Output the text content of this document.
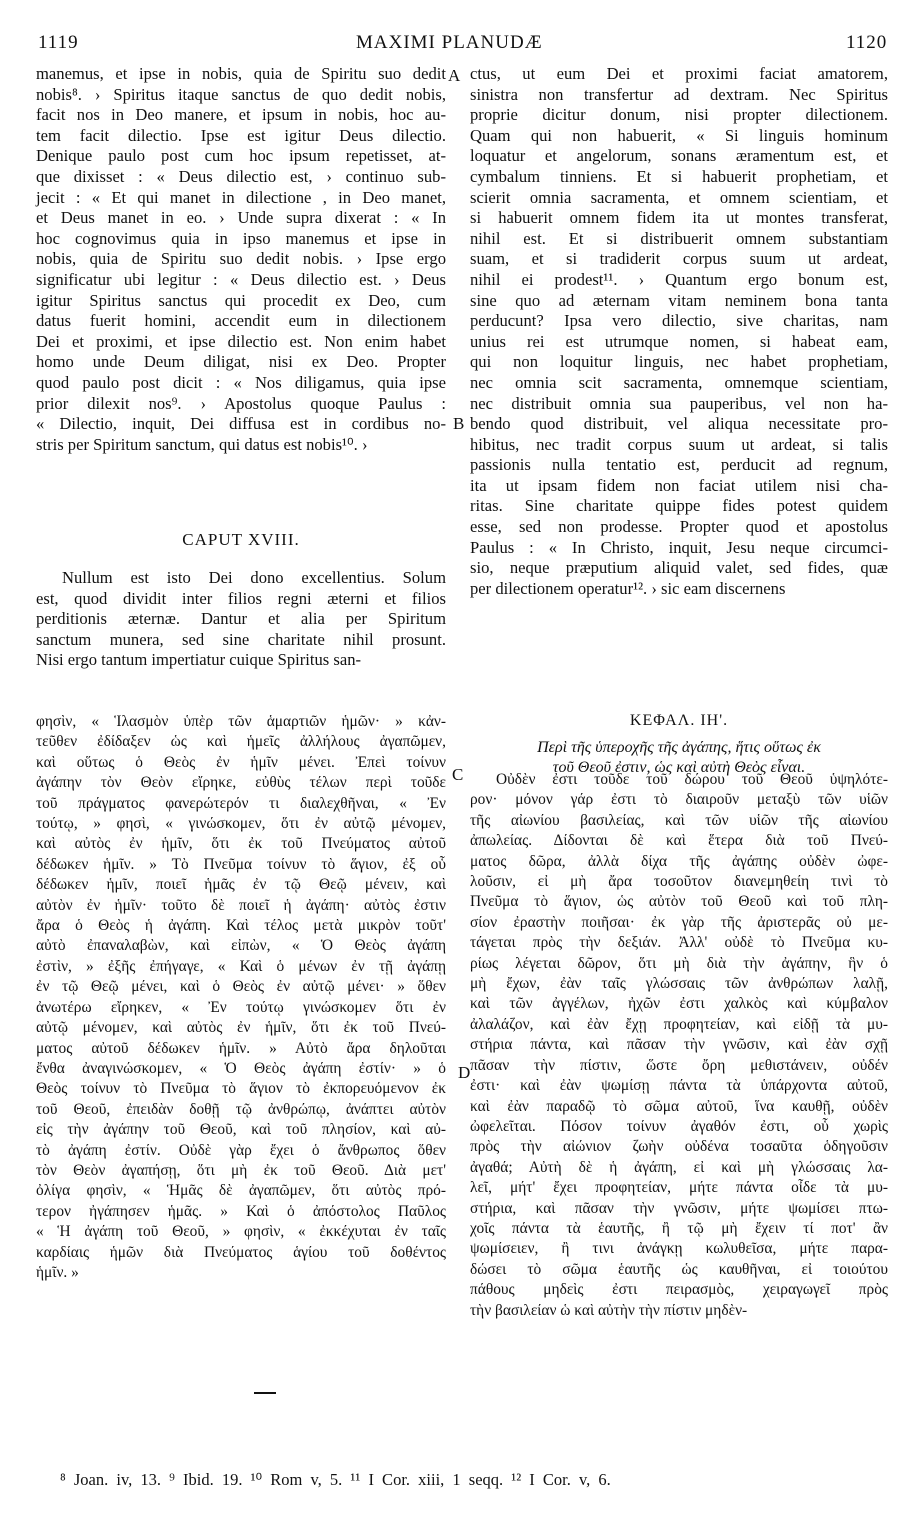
1119	MAXIMI PLANUDÆ	1120
A
B
C
D
manemus, et ipse in nobis, quia de Spiritu suo dedit
nobis⁸. › Spiritus itaque sanctus de quo dedit nobis,
facit nos in Deo manere, et ipsum in nobis, hoc au-
tem facit dilectio. Ipse est igitur Deus dilectio.
Denique paulo post cum hoc ipsum repetisset, at-
que dixisset : « Deus dilectio est, › continuo sub-
jecit : « Et qui manet in dilectione , in Deo manet,
et Deus manet in eo. › Unde supra dixerat : « In
hoc cognovimus quia in ipso manemus et ipse in
nobis, quia de Spiritu suo dedit nobis. › Ipse ergo
significatur ubi legitur : « Deus dilectio est. › Deus
igitur Spiritus sanctus qui procedit ex Deo, cum
datus fuerit homini, accendit eum in dilectionem
Dei et proximi, et ipse dilectio est. Non enim habet
homo unde Deum diligat, nisi ex Deo. Propter
quod paulo post dicit : « Nos diligamus, quia ipse
prior dilexit nos⁹. › Apostolus quoque Paulus :
« Dilectio, inquit, Dei diffusa est in cordibus no-
stris per Spiritum sanctum, qui datus est nobis¹⁰. ›
CAPUT XVIII.
Nullum est isto Dei dono excellentius. Solum
est, quod dividit inter filios regni æterni et filios
perditionis æternæ. Dantur et alia per Spiritum
sanctum munera, sed sine charitate nihil prosunt.
Nisi ergo tantum impertiatur cuique Spiritus san-
ctus, ut eum Dei et proximi faciat amatorem,
sinistra non transfertur ad dextram. Nec Spiritus
proprie dicitur donum, nisi propter dilectionem.
Quam qui non habuerit, « Si linguis hominum
loquatur et angelorum, sonans æramentum est, et
cymbalum tinniens. Et si habuerit prophetiam, et
scierit omnia sacramenta, et omnem scientiam, et
si habuerit omnem fidem ita ut montes transferat,
nihil est. Et si distribuerit omnem substantiam
suam, et si tradiderit corpus suum ut ardeat,
nihil ei prodest¹¹. › Quantum ergo bonum est,
sine quo ad æternam vitam neminem bona tanta
perducunt? Ipsa vero dilectio, sive charitas, nam
unius rei est utrumque nomen, si habeat eam,
qui non loquitur linguis, nec habet prophetiam,
nec omnia scit sacramenta, omnemque scientiam,
nec distribuit omnia sua pauperibus, vel non ha-
bendo quod distribuit, vel aliqua necessitate pro-
hibitus, nec tradit corpus suum ut ardeat, si talis
passionis nulla tentatio est, perducit ad regnum,
ita ut ipsam fidem non faciat utilem nisi cha-
ritas. Sine charitate quippe fides potest quidem
esse, sed non prodesse. Propter quod et apostolus
Paulus : « In Christo, inquit, Jesu neque circumci-
sio, neque præputium aliquid valet, sed fides, quæ
per dilectionem operatur¹². › sic eam discernens
φησὶν, « Ἱλασμὸν ὑπὲρ τῶν ἁμαρτιῶν ἡμῶν· » κἀν-
τεῦθεν ἐδίδαξεν ὡς καὶ ἡμεῖς ἀλλήλους ἀγαπῶμεν,
καὶ οὕτως ὁ Θεὸς ἐν ἡμῖν μένει. Ἐπεὶ τοίνυν
ἀγάπην τὸν Θεὸν εἴρηκε, εὐθὺς τέλων περὶ τοῦδε
τοῦ πράγματος φανερώτερόν τι διαλεχθῆναι, « Ἐν
τούτῳ, » φησὶ, « γινώσκομεν, ὅτι ἐν αὐτῷ μένομεν,
καὶ αὐτὸς ἐν ἡμῖν, ὅτι ἐκ τοῦ Πνεύματος αὐτοῦ
δέδωκεν ἡμῖν. » Τὸ Πνεῦμα τοίνυν τὸ ἅγιον, ἐξ οὗ
δέδωκεν ἡμῖν, ποιεῖ ἡμᾶς ἐν τῷ Θεῷ μένειν, καὶ
αὐτὸν ἐν ἡμῖν· τοῦτο δὲ ποιεῖ ἡ ἀγάπη· αὐτὸς ἐστιν
ἄρα ὁ Θεὸς ἡ ἀγάπη. Καὶ τέλος μετὰ μικρὸν τοῦτ'
αὐτὸ ἐπαναλαβὼν, καὶ εἰπὼν, « Ὁ Θεὸς ἀγάπη
ἐστὶν, » ἐξῆς ἐπήγαγε, « Καὶ ὁ μένων ἐν τῇ ἀγάπῃ
ἐν τῷ Θεῷ μένει, καὶ ὁ Θεὸς ἐν αὐτῷ μένει· » ὅθεν
ἀνωτέρω εἴρηκεν, « Ἐν τούτῳ γινώσκομεν ὅτι ἐν
αὐτῷ μένομεν, καὶ αὐτὸς ἐν ἡμῖν, ὅτι ἐκ τοῦ Πνεύ-
ματος αὐτοῦ δέδωκεν ἡμῖν. » Αὐτὸ ἄρα δηλοῦται
ἔνθα ἀναγινώσκομεν, « Ὁ Θεὸς ἀγάπη ἐστίν· » ὁ
Θεὸς τοίνυν τὸ Πνεῦμα τὸ ἅγιον τὸ ἐκπορευόμενον ἐκ
τοῦ Θεοῦ, ἐπειδὰν δοθῇ τῷ ἀνθρώπῳ, ἀνάπτει αὐτὸν
εἰς τὴν ἀγάπην τοῦ Θεοῦ, καὶ τοῦ πλησίον, καὶ αὐ-
τὸ ἀγάπη ἐστίν. Οὐδὲ γὰρ ἔχει ὁ ἄνθρωπος ὅθεν
τὸν Θεὸν ἀγαπήσῃ, ὅτι μὴ ἐκ τοῦ Θεοῦ. Διὰ μετ'
ὀλίγα φησὶν, « Ἡμᾶς δὲ ἀγαπῶμεν, ὅτι αὐτὸς πρό-
τερον ἠγάπησεν ἡμᾶς. » Καὶ ὁ ἀπόστολος Παῦλος
« Ἡ ἀγάπη τοῦ Θεοῦ, » φησὶν, « ἐκκέχυται ἐν ταῖς
καρδίαις ἡμῶν διὰ Πνεύματος ἁγίου τοῦ δοθέντος
ἡμῖν. »
ΚΕΦΑΛ. ΙΗ'.
Περὶ τῆς ὑπεροχῆς τῆς ἀγάπης, ἥτις οὕτως ἐκ
τοῦ Θεοῦ ἐστιν, ὡς καὶ αὐτὴ Θεὸς εἶναι.
Οὐδὲν ἐστι τοῦδε τοῦ δώρου τοῦ Θεοῦ ὑψηλότε-
ρον· μόνον γάρ ἐστι τὸ διαιροῦν μεταξὺ τῶν υἱῶν
τῆς αἰωνίου βασιλείας, καὶ τῶν υἱῶν τῆς αἰωνίου
ἀπωλείας. Δίδονται δὲ καὶ ἕτερα διὰ τοῦ Πνεύ-
ματος δῶρα, ἀλλὰ δίχα τῆς ἀγάπης οὐδὲν ὠφε-
λοῦσιν, εἰ μὴ ἄρα τοσοῦτον διανεμηθείη τινὶ τὸ
Πνεῦμα τὸ ἅγιον, ὡς αὐτὸν τοῦ Θεοῦ καὶ τοῦ πλη-
σίον ἐραστὴν ποιῆσαι· ἐκ γὰρ τῆς ἀριστερᾶς οὐ με-
τάγεται πρὸς τὴν δεξιάν. Ἀλλ' οὐδὲ τὸ Πνεῦμα κυ-
ρίως λέγεται δῶρον, ὅτι μὴ διὰ τὴν ἀγάπην, ἣν ὁ
μὴ ἔχων, ἐὰν ταῖς γλώσσαις τῶν ἀνθρώπων λαλῇ,
καὶ τῶν ἀγγέλων, ἠχῶν ἐστι χαλκὸς καὶ κύμβαλον
ἀλαλάζον, καὶ ἐὰν ἔχῃ προφητείαν, καὶ εἰδῇ τὰ μυ-
στήρια πάντα, καὶ πᾶσαν τὴν γνῶσιν, καὶ ἐὰν σχῇ
πᾶσαν τὴν πίστιν, ὥστε ὄρη μεθιστάνειν, οὐδέν
ἐστι· καὶ ἐὰν ψωμίσῃ πάντα τὰ ὑπάρχοντα αὐτοῦ,
καὶ ἐὰν παραδῷ τὸ σῶμα αὐτοῦ, ἵνα καυθῇ, οὐδὲν
ὠφελεῖται. Πόσον τοίνυν ἀγαθόν ἐστι, οὗ χωρὶς
πρὸς τὴν αἰώνιον ζωὴν οὐδένα τοσαῦτα ὁδηγοῦσιν
ἀγαθά; Αὐτὴ δὲ ἡ ἀγάπη, εἰ καὶ μὴ γλώσσαις λα-
λεῖ, μήτ' ἔχει προφητείαν, μήτε πάντα οἶδε τὰ μυ-
στήρια, καὶ πᾶσαν τὴν γνῶσιν, μήτε ψωμίσει πτω-
χοῖς πάντα τὰ ἑαυτῆς, ἢ τῷ μὴ ἔχειν τί ποτ' ἂν
ψωμίσειεν, ἢ τινι ἀνάγκῃ κωλυθεῖσα, μήτε παρα-
δώσει τὸ σῶμα ἑαυτῆς ὡς καυθῆναι, εἰ τοιούτου
πάθους μηδεὶς ἐστι πειρασμὸς, χειραγωγεῖ πρὸς
τὴν βασιλείαν ὡ καὶ αὐτὴν τὴν πίστιν μηδὲν-
⁸ Joan. iv, 13. ⁹ Ibid. 19. ¹⁰ Rom v, 5. ¹¹ I Cor. xiii, 1 seqq. ¹² I Cor. v, 6.
